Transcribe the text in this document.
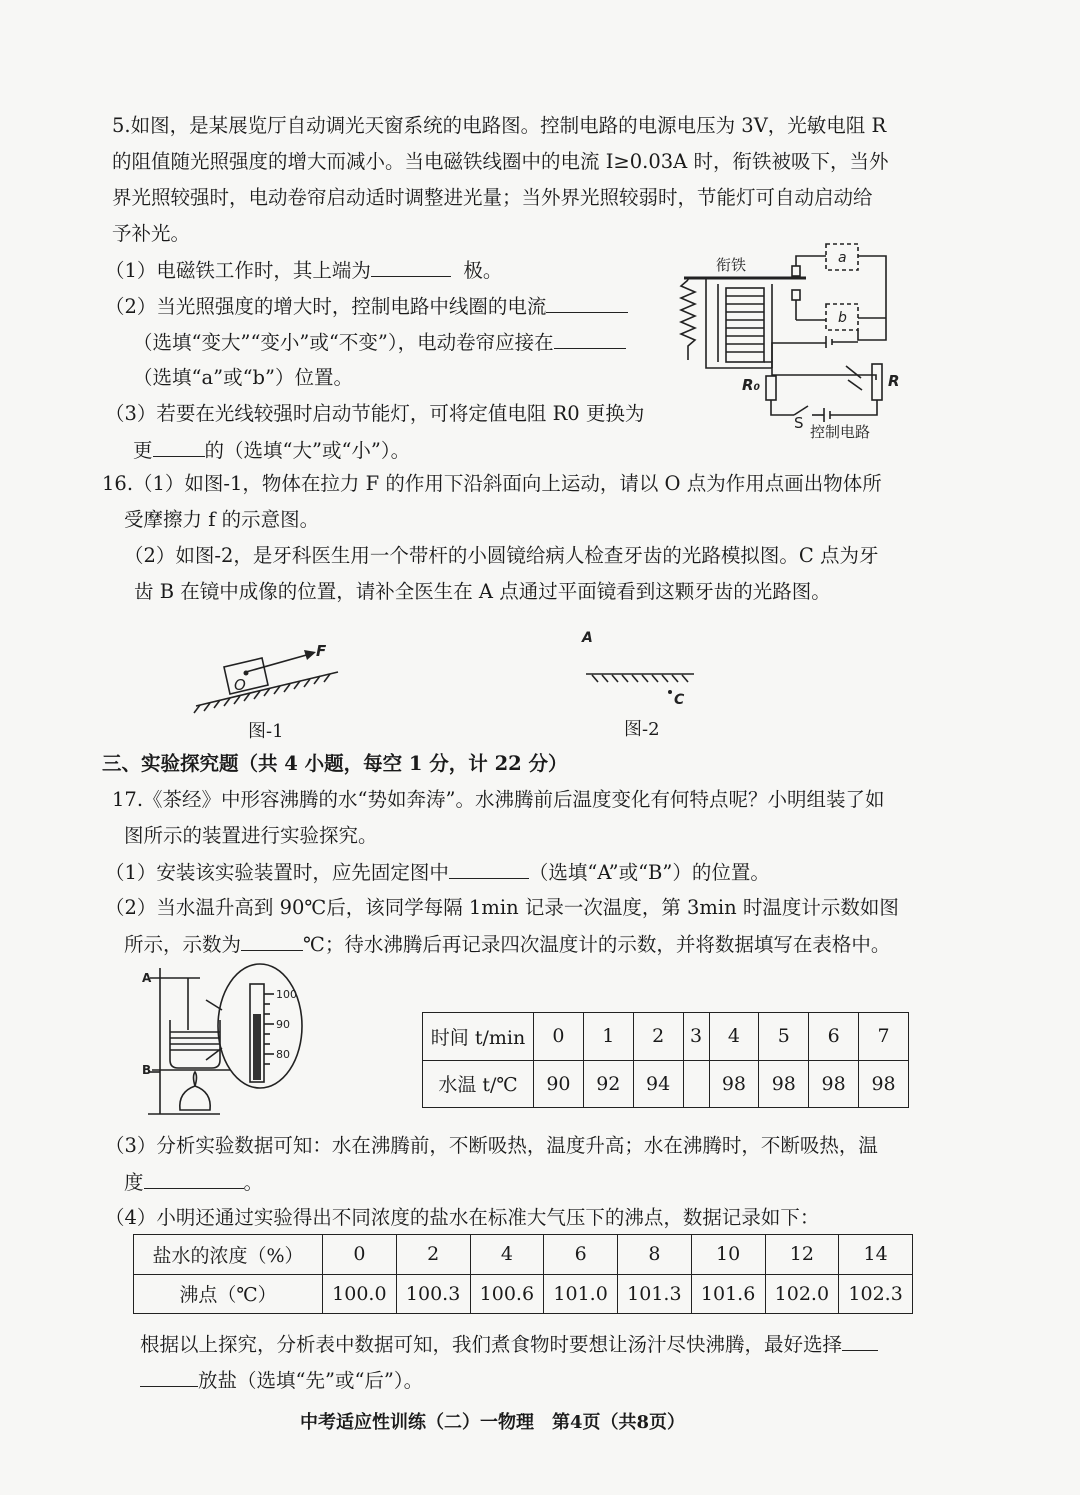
5.如图，是某展览厅自动调光天窗系统的电路图。控制电路的电源电压为 3V，光敏电阻 R
的阻值随光照强度的增大而减小。当电磁铁线圈中的电流 I≥0.03A 时，衔铁被吸下，当外
界光照较强时，电动卷帘启动适时调整进光量；当外界光照较弱时，节能灯可自动启动给
予补光。
（1）电磁铁工作时，其上端为	极。
（2）当光照强度的增大时，控制电路中线圈的电流
（选填“变大”“变小”或“不变”），电动卷帘应接在
（选填“a”或“b”）位置。
（3）若要在光线较强时启动节能灯，可将定值电阻 R0 更换为
更	的（选填“大”或“小”）。
衔铁	a
b
R₀	R
S 控制电路
16.（1）如图-1，物体在拉力 F 的作用下沿斜面向上运动，请以 O 点为作用点画出物体所
受摩擦力 f 的示意图。
（2）如图-2，是牙科医生用一个带杆的小圆镜给病人检查牙齿的光路模拟图。C 点为牙
齿 B 在镜中成像的位置，请补全医生在 A 点通过平面镜看到这颗牙齿的光路图。
F
O
图-1
A
C
图-2
三、实验探究题（共 4 小题，每空 1 分，计 22 分）
17.《茶经》中形容沸腾的水“势如奔涛”。水沸腾前后温度变化有何特点呢？小明组装了如
图所示的装置进行实验探究。
（1）安装该实验装置时，应先固定图中	（选填“A”或“B”）的位置。
（2）当水温升高到 90℃后，该同学每隔 1min 记录一次温度，第 3min 时温度计示数如图
所示，示数为	℃；待水沸腾后再记录四次温度计的示数，并将数据填写在表格中。
A
B
100
90
80
时间 t/min	0	1	2	3	4	5	6	7
水温 t/℃	90	92	94		98	98	98	98
（3）分析实验数据可知：水在沸腾前，不断吸热，温度升高；水在沸腾时，不断吸热，温
度	。
（4）小明还通过实验得出不同浓度的盐水在标准大气压下的沸点，数据记录如下：
盐水的浓度（%）	0	2	4	6	8	10	12	14
沸点（℃）	100.0	100.3	100.6	101.0	101.3	101.6	102.0	102.3
根据以上探究，分析表中数据可知，我们煮食物时要想让汤汁尽快沸腾，最好选择
放盐（选填“先”或“后”）。
中考适应性训练（二）一物理　第4页（共8页）
